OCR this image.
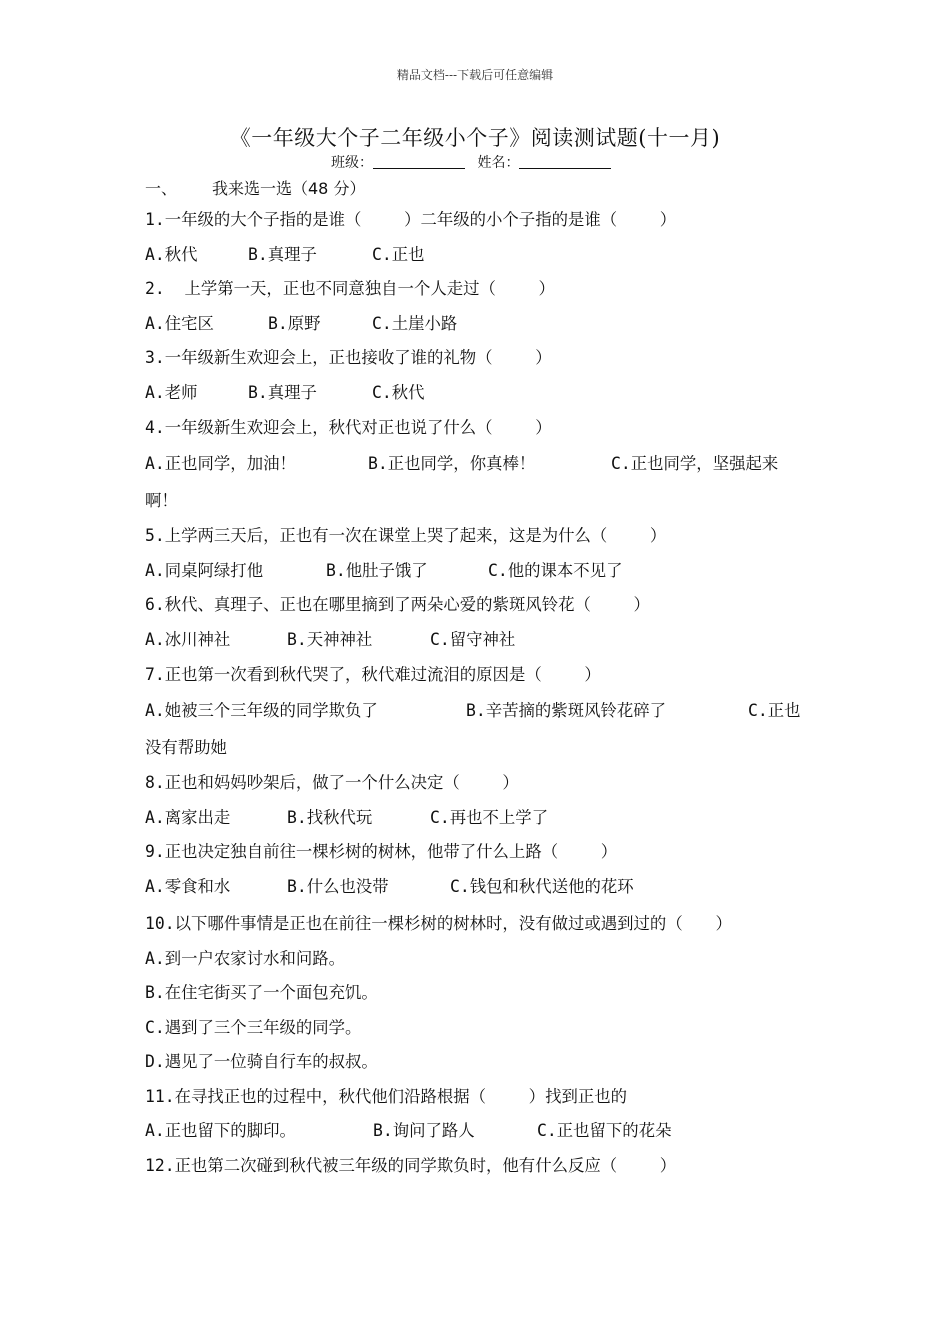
精品文档---下载后可任意编辑
《一年级大个子二年级小个子》阅读测试题(十一月)
班级：	姓名：
一、 我来选一选（48 分）
1.一年级的大个子指的是谁（　　 ）二年级的小个子指的是谁（　　 ）
A.秋代	B.真理子	C.正也
2.  上学第一天，正也不同意独自一个人走过（　　 ）
A.住宅区	B.原野	C.土崖小路
3.一年级新生欢迎会上，正也接收了谁的礼物（　　 ）
A.老师	B.真理子	C.秋代
4.一年级新生欢迎会上，秋代对正也说了什么（　　 ）
A.正也同学，加油！	B.正也同学，你真棒！	C.正也同学，坚强起来啊！
5.上学两三天后，正也有一次在课堂上哭了起来，这是为什么（　　 ）
A.同桌阿绿打他	B.他肚子饿了	C.他的课本不见了
6.秋代、真理子、正也在哪里摘到了两朵心爱的紫斑风铃花（　　 ）
A.冰川神社	B.天神神社	C.留守神社
7.正也第一次看到秋代哭了，秋代难过流泪的原因是（　　 ）
A.她被三个三年级的同学欺负了	B.辛苦摘的紫斑风铃花碎了	C.正也没有帮助她
8.正也和妈妈吵架后，做了一个什么决定（　　 ）
A.离家出走	B.找秋代玩	C.再也不上学了
9.正也决定独自前往一棵杉树的树林，他带了什么上路（　　 ）
A.零食和水	B.什么也没带	C.钱包和秋代送他的花环
10.以下哪件事情是正也在前往一棵杉树的树林时，没有做过或遇到过的（　　）
A.到一户农家讨水和问路。
B.在住宅街买了一个面包充饥。
C.遇到了三个三年级的同学。
D.遇见了一位骑自行车的叔叔。
11.在寻找正也的过程中，秋代他们沿路根据（　　 ）找到正也的
A.正也留下的脚印。	B.询问了路人	C.正也留下的花朵
12.正也第二次碰到秋代被三年级的同学欺负时，他有什么反应（　　 ）
